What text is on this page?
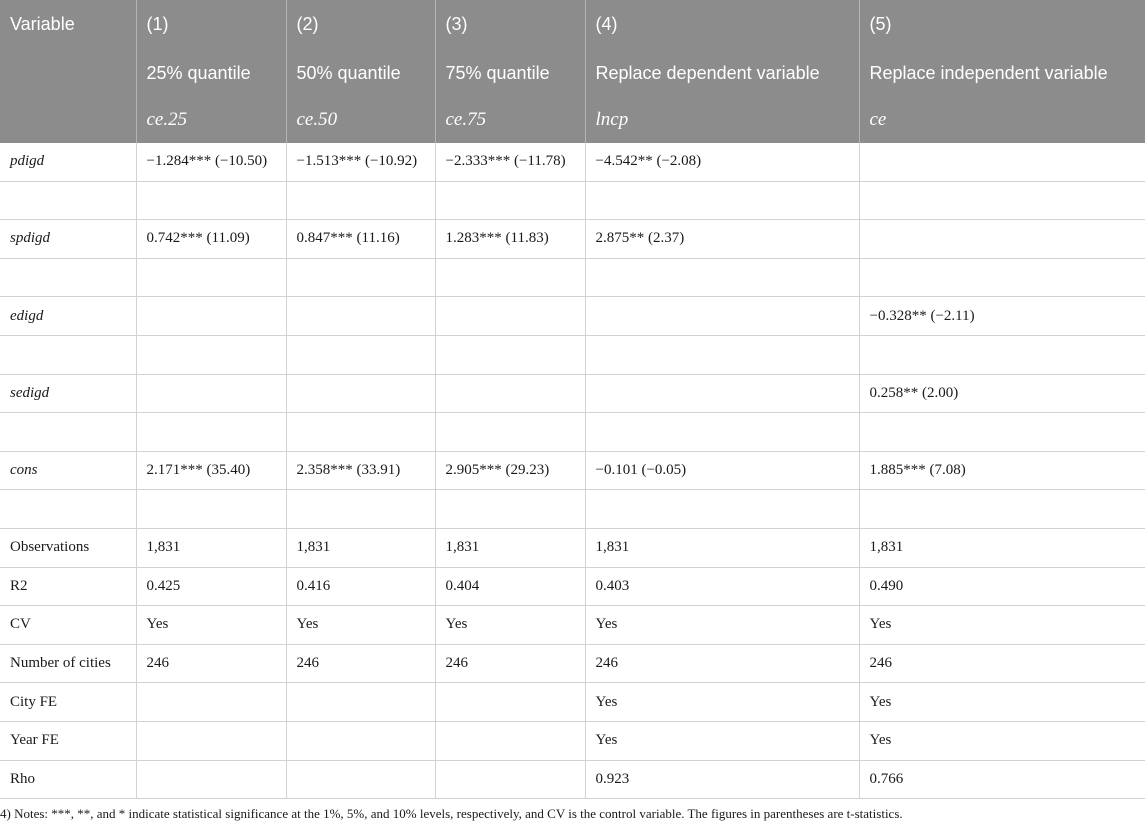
Variable	(1)	(2)	(3)	(4)	(5)
	25% quantile	50% quantile	75% quantile	Replace dependent variable	Replace independent variable
	ce.25	ce.50	ce.75	lncp	ce
pdigd	−1.284*** (−10.50)	−1.513*** (−10.92)	−2.333*** (−11.78)	−4.542** (−2.08)	

spdigd	0.742*** (11.09)	0.847*** (11.16)	1.283*** (11.83)	2.875** (2.37)	

edigd					−0.328** (−2.11)

sedigd					0.258** (2.00)

cons	2.171*** (35.40)	2.358*** (33.91)	2.905*** (29.23)	−0.101 (−0.05)	1.885*** (7.08)

Observations	1,831	1,831	1,831	1,831	1,831
R2	0.425	0.416	0.404	0.403	0.490
CV	Yes	Yes	Yes	Yes	Yes
Number of cities	246	246	246	246	246
City FE				Yes	Yes
Year FE				Yes	Yes
Rho				0.923	0.766
4) Notes: ***, **, and * indicate statistical significance at the 1%, 5%, and 10% levels, respectively, and CV is the control variable. The figures in parentheses are t-statistics.
